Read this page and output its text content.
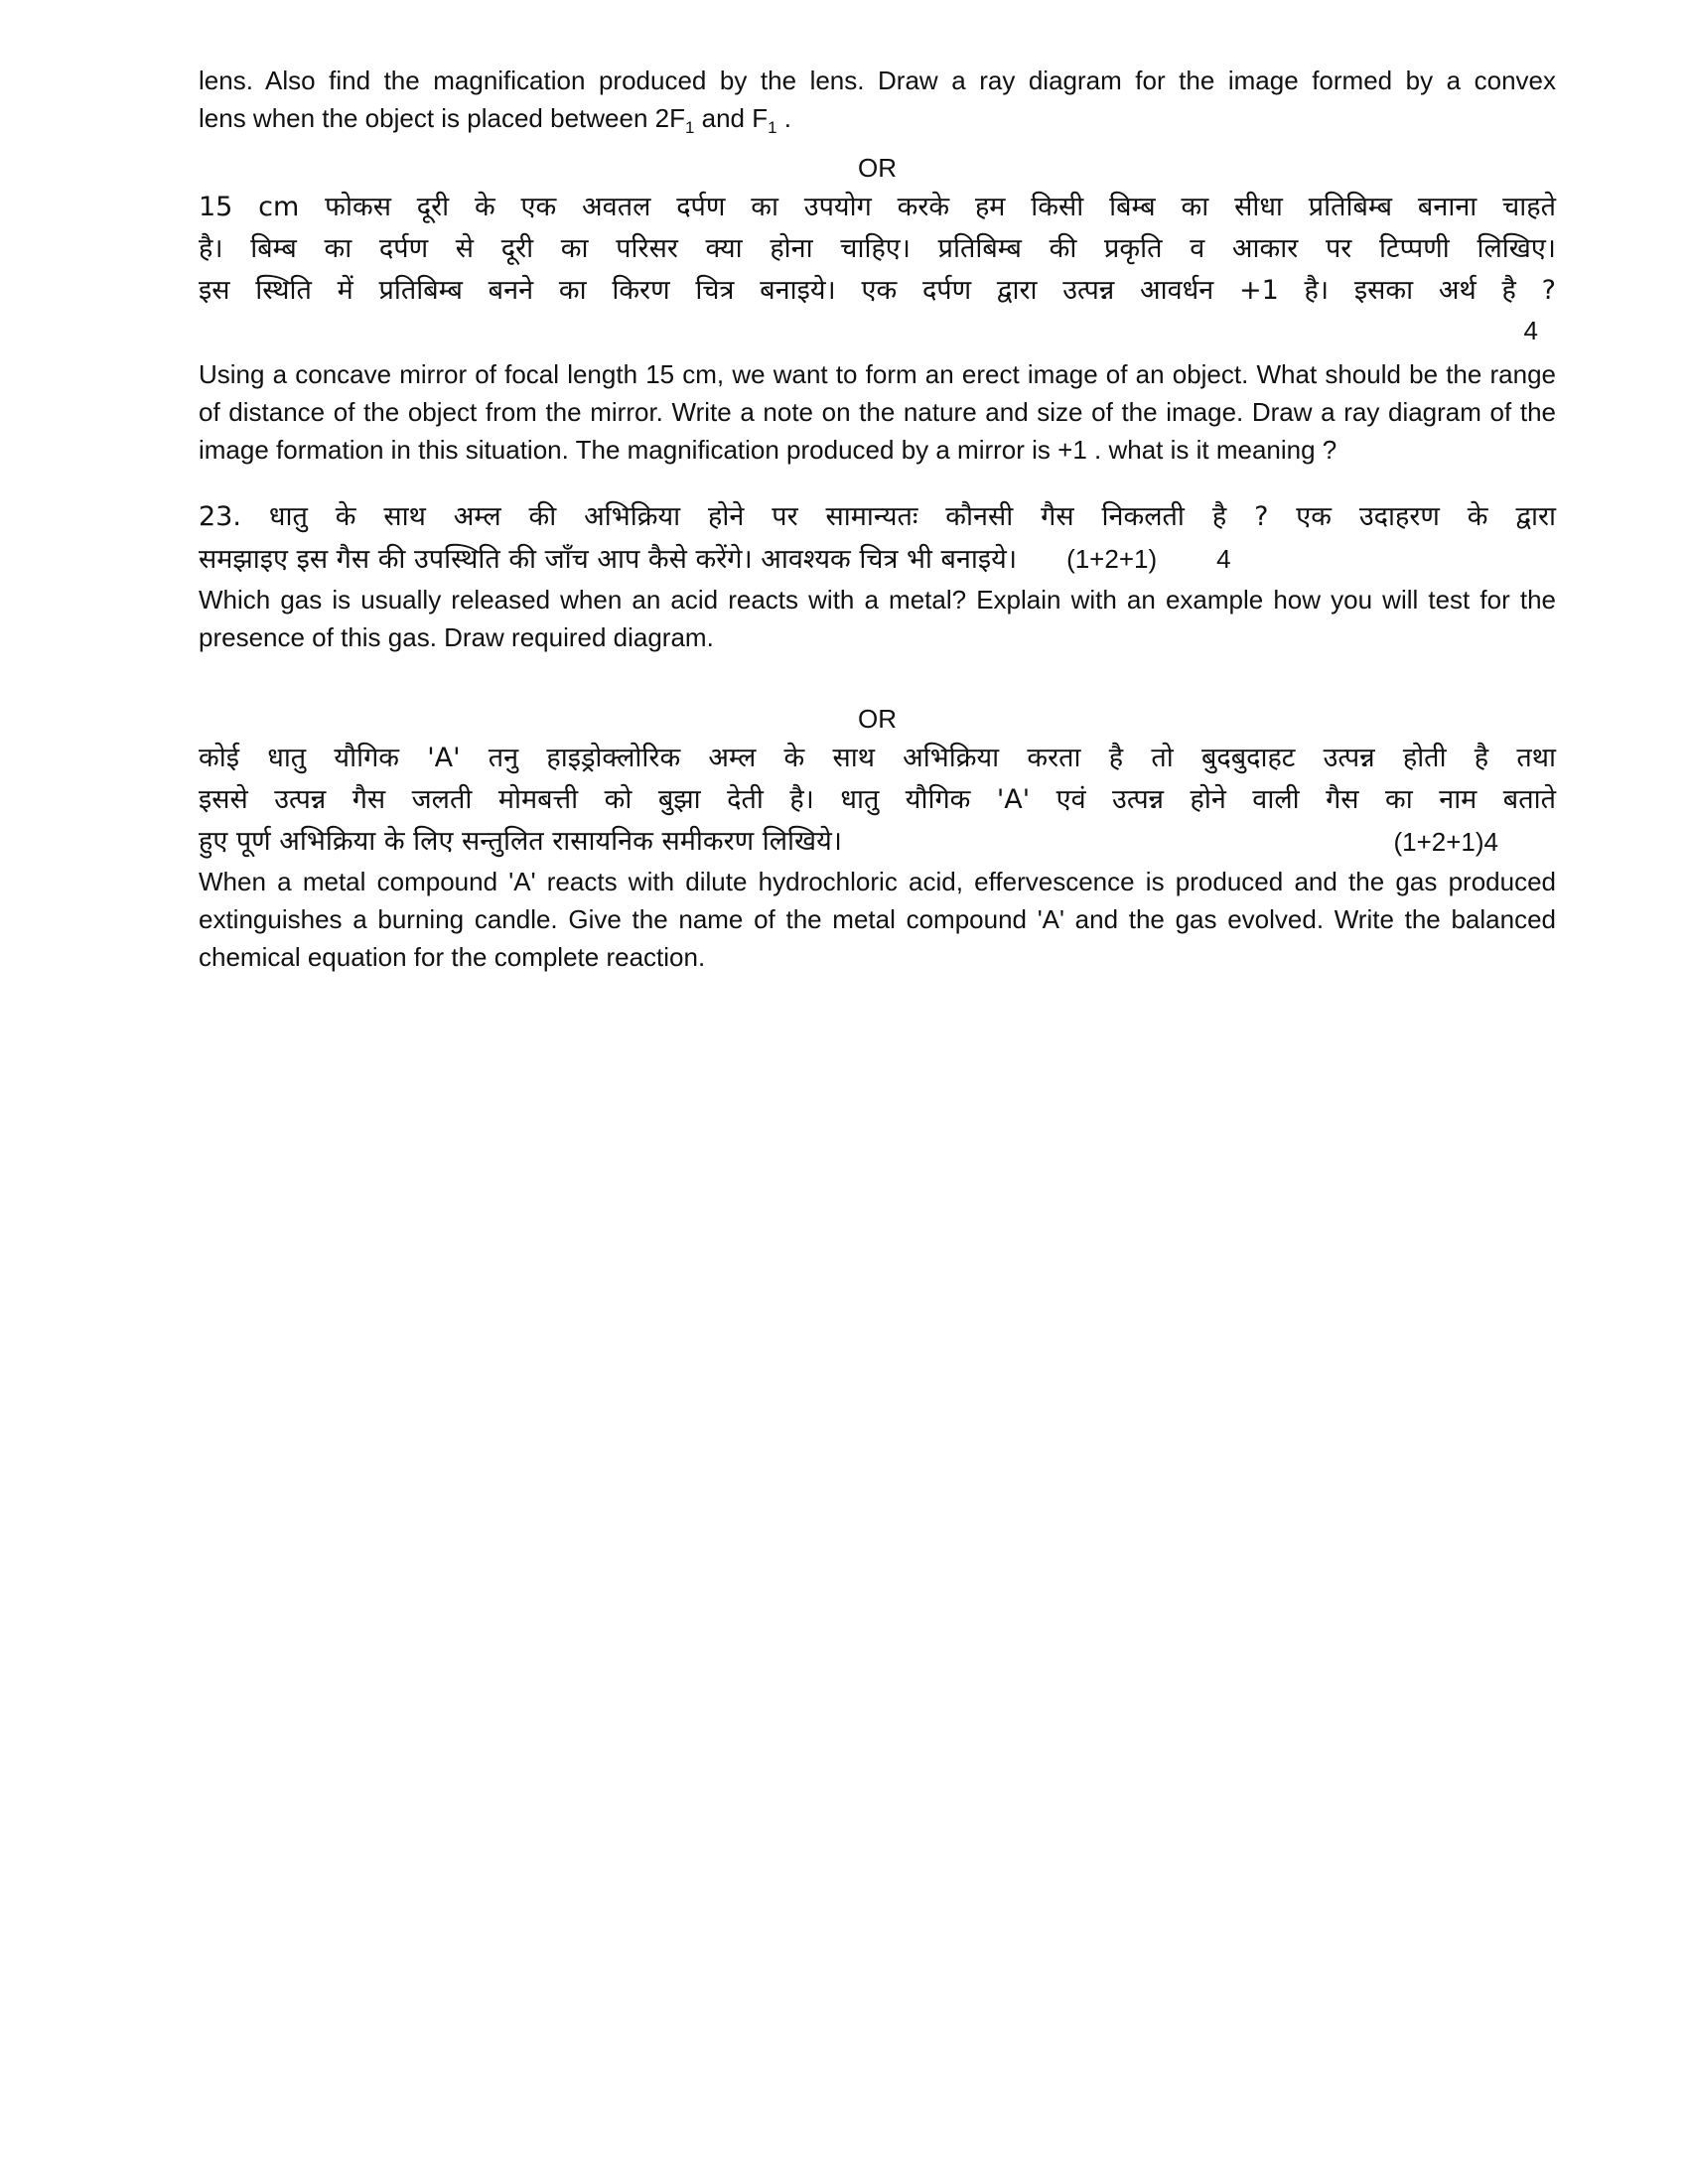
lens. Also find the magnification produced by the lens. Draw a ray diagram for the image formed by a convex

lens when the object is placed between $2F_1$ and $F_1$ .

OR

15 cm फोकस दूरी के एक अवतल दर्पण का उपयोग करके हम किसी बिम्ब का सीधा प्रतिबिम्ब बनाना चाहते

है। बिम्ब का दर्पण से दूरी का परिसर क्या होना चाहिए। प्रतिबिम्ब की प्रकृति व आकार पर टिप्पणी लिखिए।

इस स्थिति में प्रतिबिम्ब बनने का किरण चित्र बनाइये। एक दर्पण द्वारा उत्पन्न आवर्धन +1 है। इसका अर्थ है ?

4

Using a concave mirror of focal length 15 cm, we want to form an erect image of an object. What should be the range of distance of the object from the mirror. Write a note on the nature and size of the image. Draw a ray diagram of the image formation in this situation. The magnification produced by a mirror is +1 . what is it meaning ?

23. धातु के साथ अम्ल की अभिक्रिया होने पर सामान्यतः कौनसी गैस निकलती है ? एक उदाहरण के द्वारा

समझाइए इस गैस की उपस्थिति की जाँच आप कैसे करेंगे। आवश्यक चित्र भी बनाइये। (1+2+1) 4

Which gas is usually released when an acid reacts with a metal? Explain with an example how you will test for the presence of this gas. Draw required diagram.

OR

कोई धातु यौगिक 'A' तनु हाइड्रोक्लोरिक अम्ल के साथ अभिक्रिया करता है तो बुदबुदाहट उत्पन्न होती है तथा

इससे उत्पन्न गैस जलती मोमबत्ती को बुझा देती है। धातु यौगिक 'A' एवं उत्पन्न होने वाली गैस का नाम बताते

हुए पूर्ण अभिक्रिया के लिए सन्तुलित रासायनिक समीकरण लिखिये।	(1+2+1)4

When a metal compound 'A' reacts with dilute hydrochloric acid, effervescence is produced and the gas produced extinguishes a burning candle. Give the name of the metal compound 'A' and the gas evolved. Write the balanced chemical equation for the complete reaction.
